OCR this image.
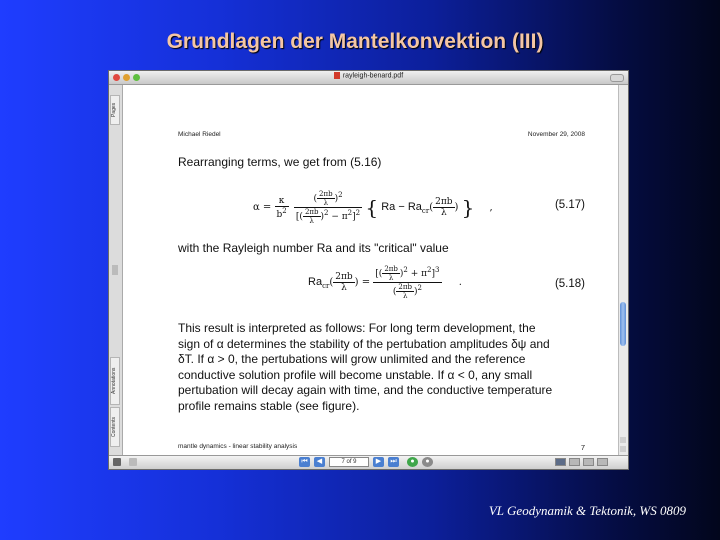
Grundlagen der Mantelkonvektion (III)
rayleigh-benard.pdf
Pages
Annotations
Contents
Michael Riedel	November 29, 2008
Rearranging terms, we get from (5.16)
$\alpha = \frac{\kappa}{b^2}$
$\frac{( \frac{2\pi b}{\lambda} )^2}{[( \frac{2\pi b}{\lambda} )^2 - \pi^2]^2}$ { $Ra - Ra_{cr}( \frac{2\pi b}{\lambda}$ ) } ,	(5.17)
with the Rayleigh number Ra and its "critical" value
$Ra_{cr}( \frac{2\pi b}{\lambda}$ ) = $\frac{[( \frac{2\pi b}{\lambda} )^2 + \pi^2]^3}{( \frac{2\pi b}{\lambda} )^2}$ .	(5.18)
This result is interpreted as follows: For long term development, the
sign of α determines the stability of the pertubation amplitudes δψ and
δT. If α > 0, the pertubations will grow unlimited and the reference
conductive solution profile will become unstable. If α < 0, any small
pertubation will decay again with time, and the conductive temperature
profile remains stable (see figure).
mantle dynamics - linear stability analysis	7
⏮	◀	7 of 9	▶	⏭	●	●
VL Geodynamik & Tektonik, WS 0809
